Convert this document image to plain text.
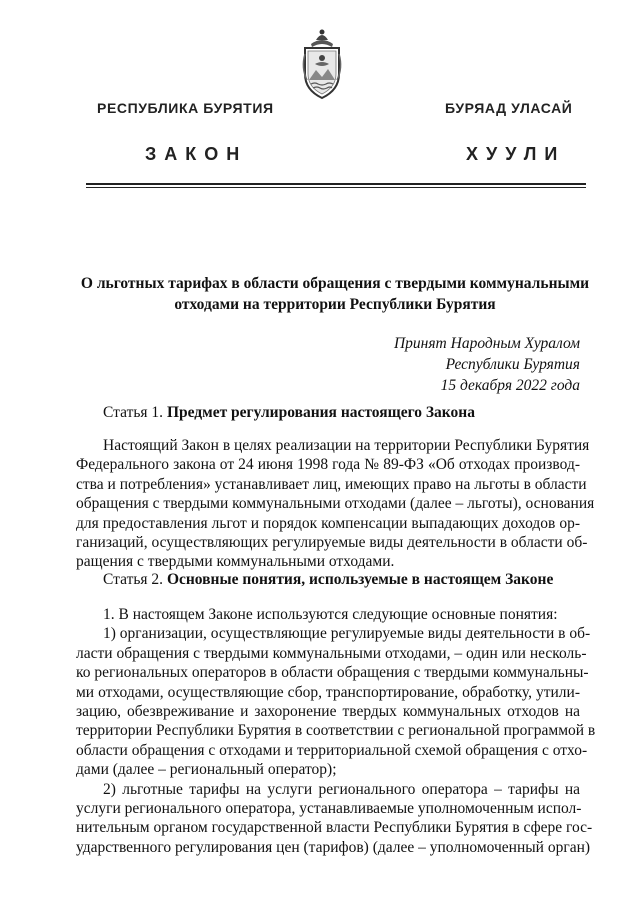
РЕСПУБЛИКА БУРЯТИЯ	БУРЯАД УЛАСАЙ
ЗАКОН	ХУУЛИ
О льготных тарифах в области обращения с твердыми коммунальными
отходами на территории Республики Бурятия
Принят Народным Хуралом
Республики Бурятия
15 декабря 2022 года
Статья 1. Предмет регулирования настоящего Закона
Настоящий Закон в целях реализации на территории Республики Бурятия
Федерального закона от 24 июня 1998 года № 89-ФЗ «Об отходах производ-
ства и потребления» устанавливает лиц, имеющих право на льготы в области
обращения с твердыми коммунальными отходами (далее – льготы), основания
для предоставления льгот и порядок компенсации выпадающих доходов ор-
ганизаций, осуществляющих регулируемые виды деятельности в области об-
ращения с твердыми коммунальными отходами.
Статья 2. Основные понятия, используемые в настоящем Законе
1. В настоящем Законе используются следующие основные понятия:
1) организации, осуществляющие регулируемые виды деятельности в об-
ласти обращения с твердыми коммунальными отходами, – один или несколь-
ко региональных операторов в области обращения с твердыми коммунальны-
ми отходами, осуществляющие сбор, транспортирование, обработку, утили-
зацию, обезвреживание и захоронение твердых коммунальных отходов на
территории Республики Бурятия в соответствии с региональной программой в
области обращения с отходами и территориальной схемой обращения с отхо-
дами (далее – региональный оператор);
2) льготные тарифы на услуги регионального оператора – тарифы на
услуги регионального оператора, устанавливаемые уполномоченным испол-
нительным органом государственной власти Республики Бурятия в сфере гос-
ударственного регулирования цен (тарифов) (далее – уполномоченный орган)
